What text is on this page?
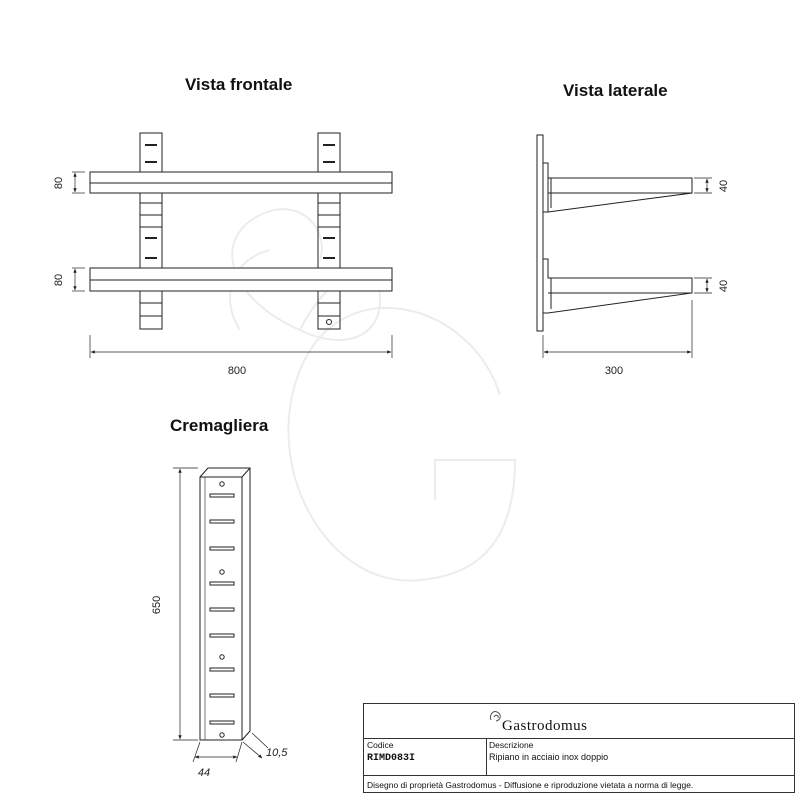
Vista frontale	Vista laterale
Cremagliera
80
80
800
40
40
300
650
44
10,5
Gastrodomus
Codice
RIMD083I
Descrizione
Ripiano in acciaio inox doppio
Disegno di proprietà Gastrodomus - Diffusione e riproduzione vietata a norma di legge.
